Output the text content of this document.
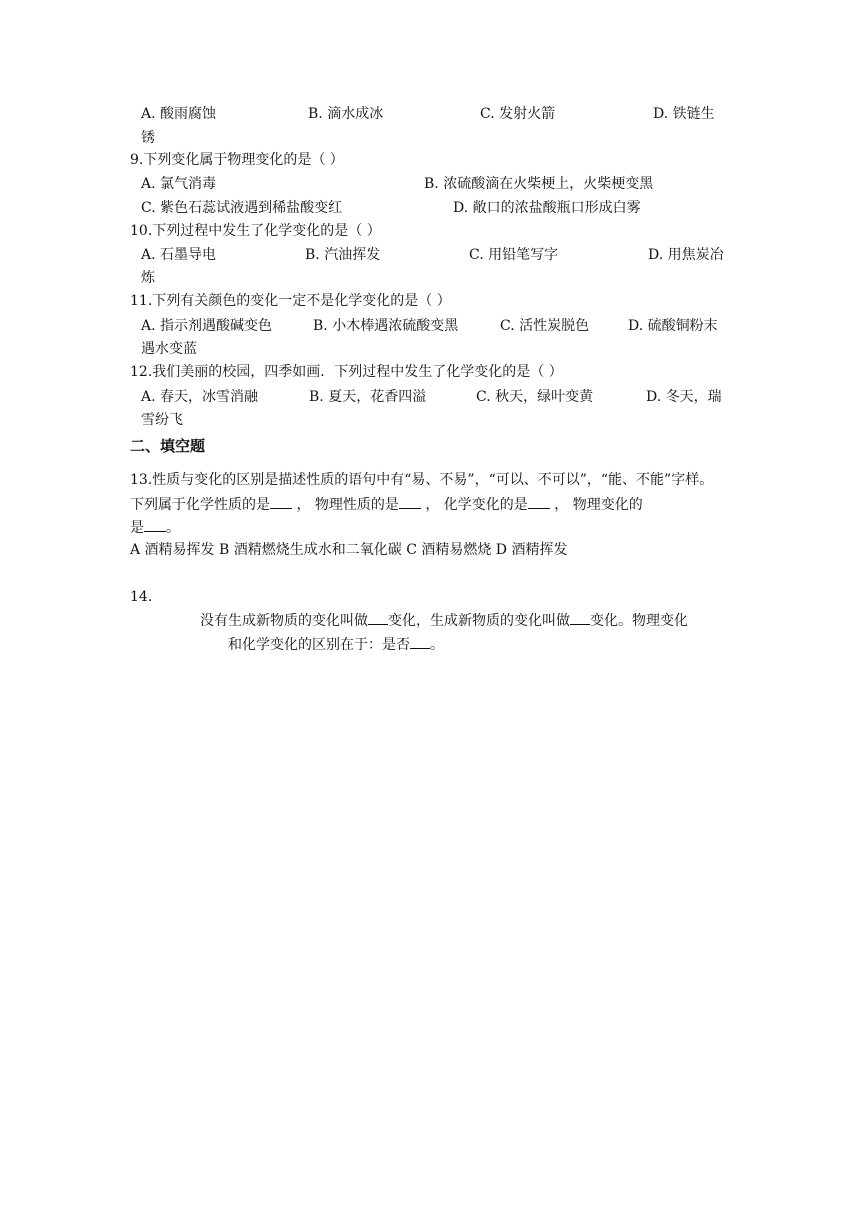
A. 酸雨腐蚀	B. 滴水成冰	C. 发射火箭	D. 铁链生
锈
9.下列变化属于物理变化的是（ ）
A. 氯气消毒	B. 浓硫酸滴在火柴梗上，火柴梗变黑
C. 紫色石蕊试液遇到稀盐酸变红	D. 敞口的浓盐酸瓶口形成白雾
10.下列过程中发生了化学变化的是（ ）
A. 石墨导电	B. 汽油挥发	C. 用铅笔写字	D. 用焦炭冶
炼
11.下列有关颜色的变化一定不是化学变化的是（ ）
A. 指示剂遇酸碱变色	B. 小木棒遇浓硫酸变黑	C. 活性炭脱色	D. 硫酸铜粉末
遇水变蓝
12.我们美丽的校园，四季如画．下列过程中发生了化学变化的是（ ）
A. 春天，冰雪消融	B. 夏天，花香四溢	C. 秋天，绿叶变黄	D. 冬天，瑞
雪纷飞
二、填空题
13.性质与变化的区别是描述性质的语句中有“易、不易”，“可以、不可以”，“能、不能”字样。
下列属于化学性质的是 ， 物理性质的是 ， 化学变化的是 ， 物理变化的
是 。
A 酒精易挥发 B 酒精燃烧生成水和二氧化碳 C 酒精易燃烧 D 酒精挥发
14.
没有生成新物质的变化叫做 变化，生成新物质的变化叫做 变化。物理变化
和化学变化的区别在于：是否 。
